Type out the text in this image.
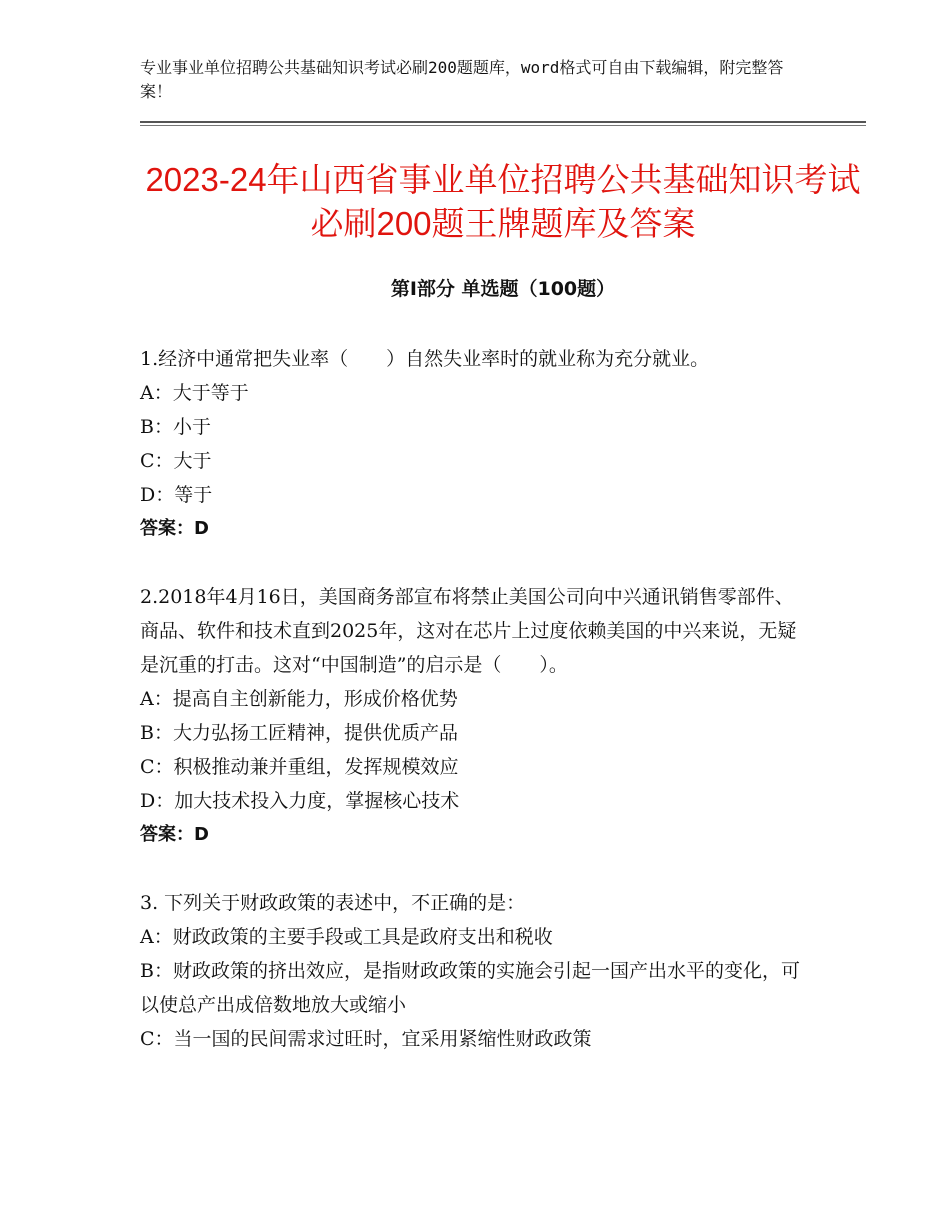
专业事业单位招聘公共基础知识考试必刷200题题库，word格式可自由下载编辑，附完整答案！
2023-24年山西省事业单位招聘公共基础知识考试必刷200题王牌题库及答案
第Ⅰ部分 单选题（100题）

1.经济中通常把失业率（　　）自然失业率时的就业称为充分就业。

A：大于等于

B：小于

C：大于

D：等于

答案：D

2.2018年4月16日，美国商务部宣布将禁止美国公司向中兴通讯销售零部件、商品、软件和技术直到2025年，这对在芯片上过度依赖美国的中兴来说，无疑是沉重的打击。这对“中国制造”的启示是（　　）。

A：提高自主创新能力，形成价格优势

B：大力弘扬工匠精神，提供优质产品

C：积极推动兼并重组，发挥规模效应

D：加大技术投入力度，掌握核心技术

答案：D

3. 下列关于财政政策的表述中，不正确的是：

A：财政政策的主要手段或工具是政府支出和税收

B：财政政策的挤出效应，是指财政政策的实施会引起一国产出水平的变化，可以使总产出成倍数地放大或缩小

C：当一国的民间需求过旺时，宜采用紧缩性财政政策
